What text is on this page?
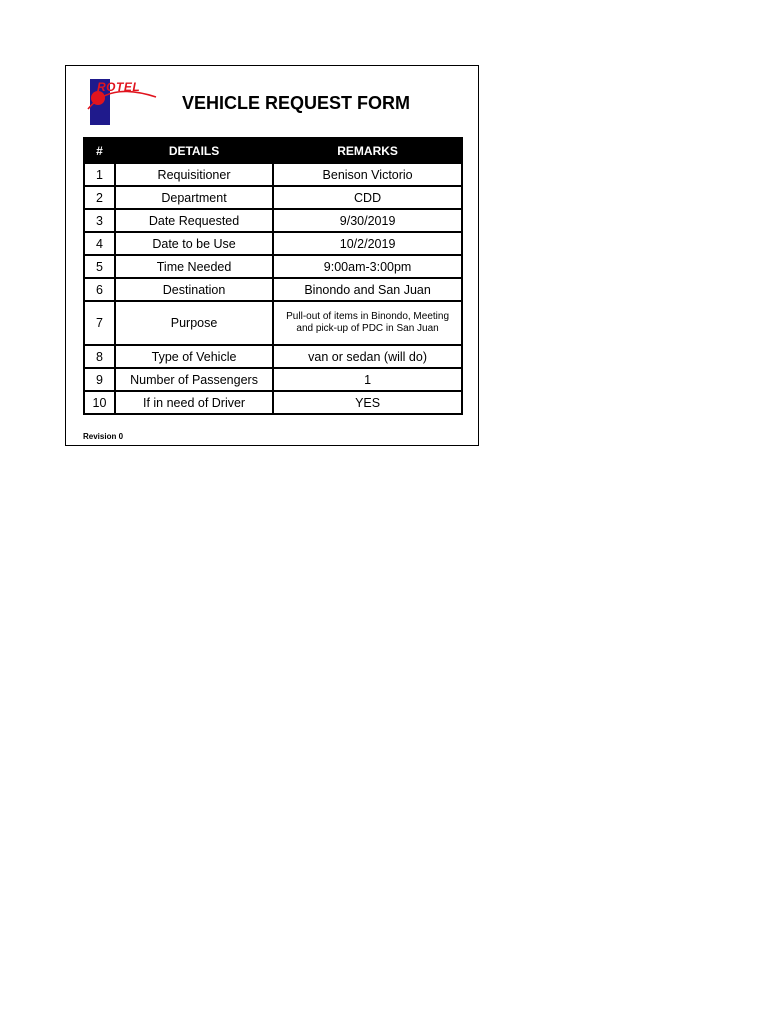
ROTEL
VEHICLE REQUEST FORM
#	DETAILS	REMARKS
1	Requisitioner	Benison Victorio
2	Department	CDD
3	Date Requested	9/30/2019
4	Date to be Use	10/2/2019
5	Time Needed	9:00am-3:00pm
6	Destination	Binondo and San Juan
7	Purpose	Pull-out of items in Binondo, Meeting and pick-up of PDC in San Juan
8	Type of Vehicle	van or sedan (will do)
9	Number of Passengers	1
10	If in need of Driver	YES
Revision 0
